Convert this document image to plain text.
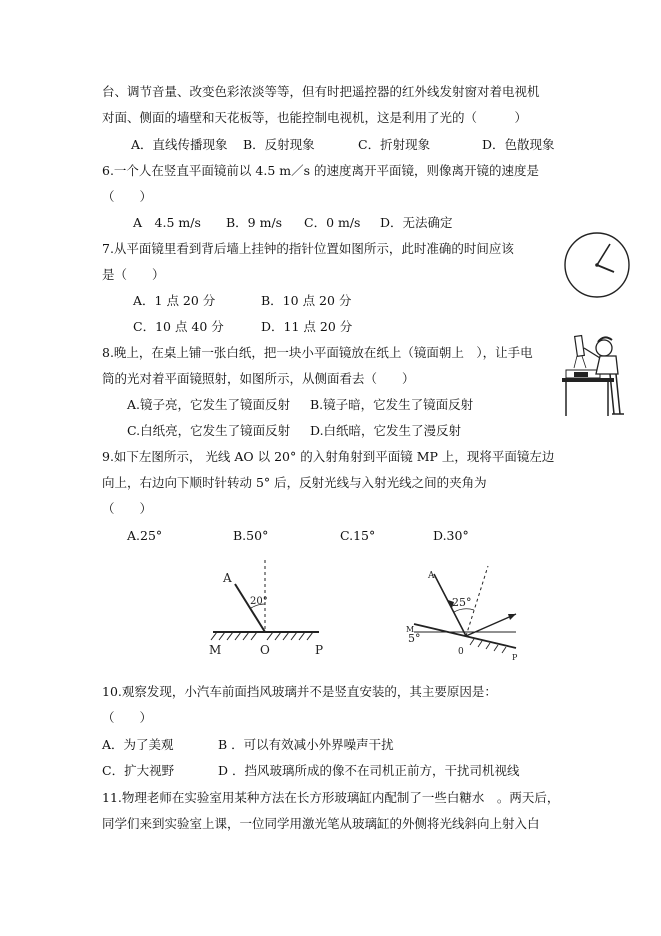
台、调节音量、改变色彩浓淡等等，但有时把遥控器的红外线发射窗对着电视机
对面、侧面的墙壁和天花板等，也能控制电视机，这是利用了光的（　　　）
A．直线传播现象 B．反射现象	C．折射现象	D．色散现象
6.一个人在竖直平面镜前以 4.5 m／s 的速度离开平面镜，则像离开镜的速度是
（　　）
A　4.5 m/s B．9 m/s C．0 m/s D．无法确定
7.从平面镜里看到背后墙上挂钟的指针位置如图所示，此时准确的时间应该
是（　　）
A．1 点 20 分	B．10 点 20 分
C．10 点 40 分	D．11 点 20 分
8.晚上，在桌上铺一张白纸，把一块小平面镜放在纸上（镜面朝上　），让手电
筒的光对着平面镜照射，如图所示，从侧面看去（　　）
A.镜子亮，它发生了镜面反射 B.镜子暗，它发生了镜面反射
C.白纸亮，它发生了镜面反射 D.白纸暗，它发生了漫反射
9.如下左图所示， 光线 AO 以 20° 的入射角射到平面镜 MP 上，现将平面镜左边
向上，右边向下顺时针转动 5° 后，反射光线与入射光线之间的夹角为
（　　）
A.25°	B.50°	C.15°	D.30°
A
20°
M	O	P
A
25°
M
5°
0
P
10.观察发现，小汽车前面挡风玻璃并不是竖直安装的，其主要原因是：
（　　）
A．为了美观	B ．可以有效减小外界噪声干扰
C．扩大视野	D ．挡风玻璃所成的像不在司机正前方，干扰司机视线
11.物理老师在实验室用某种方法在长方形玻璃缸内配制了一些白糖水　。两天后，
同学们来到实验室上课，一位同学用激光笔从玻璃缸的外侧将光线斜向上射入白
